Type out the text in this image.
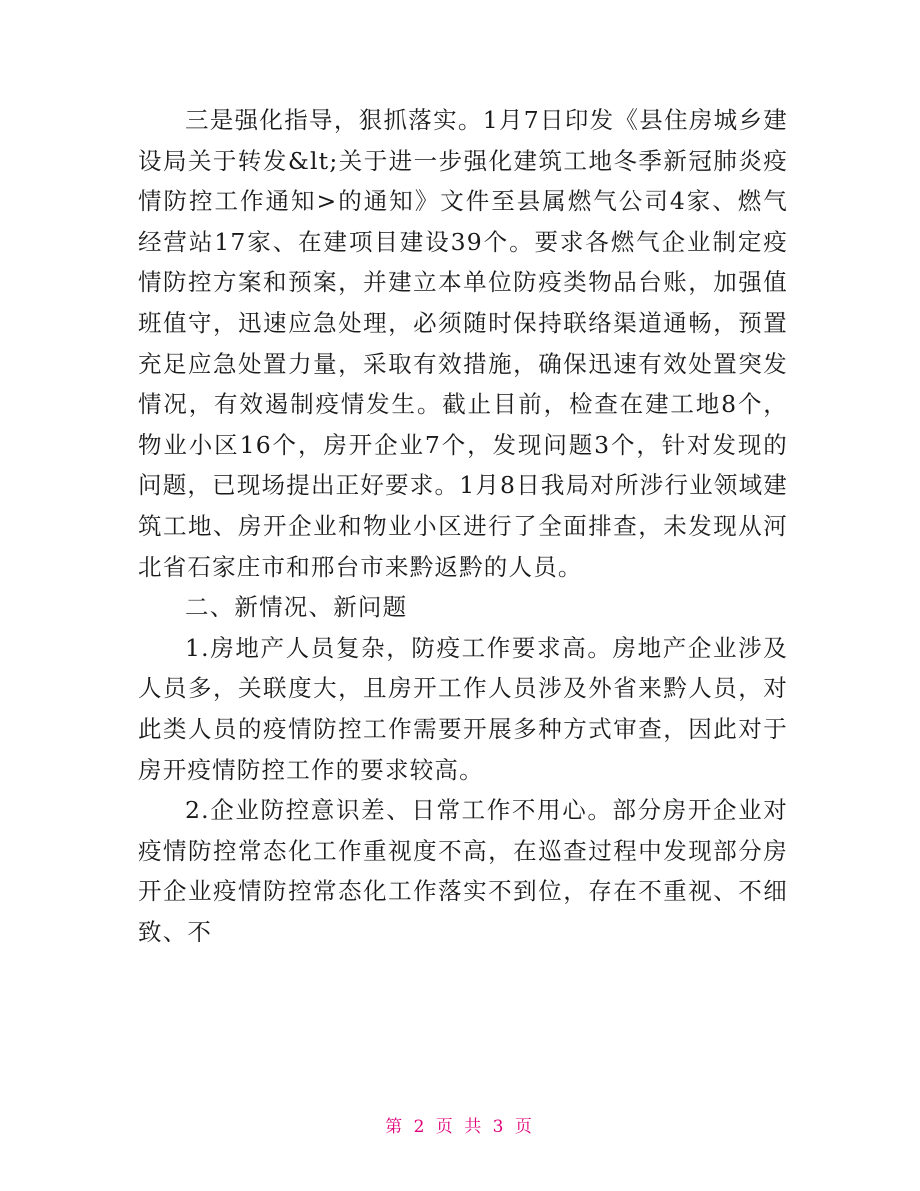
三是强化指导，狠抓落实。1月7日印发《县住房城乡建设局关于转发&lt;关于进一步强化建筑工地冬季新冠肺炎疫情防控工作通知>的通知》文件至县属燃气公司4家、燃气经营站17家、在建项目建设39个。要求各燃气企业制定疫情防控方案和预案，并建立本单位防疫类物品台账，加强值班值守，迅速应急处理，必须随时保持联络渠道通畅，预置充足应急处置力量，采取有效措施，确保迅速有效处置突发情况，有效遏制疫情发生。截止目前，检查在建工地8个，物业小区16个，房开企业7个，发现问题3个，针对发现的问题，已现场提出正好要求。1月8日我局对所涉行业领域建筑工地、房开企业和物业小区进行了全面排查，未发现从河北省石家庄市和邢台市来黔返黔的人员。

二、新情况、新问题

1.房地产人员复杂，防疫工作要求高。房地产企业涉及人员多，关联度大，且房开工作人员涉及外省来黔人员，对此类人员的疫情防控工作需要开展多种方式审查，因此对于房开疫情防控工作的要求较高。

2.企业防控意识差、日常工作不用心。部分房开企业对疫情防控常态化工作重视度不高，在巡查过程中发现部分房开企业疫情防控常态化工作落实不到位，存在不重视、不细致、不

第 2 页 共 3 页
